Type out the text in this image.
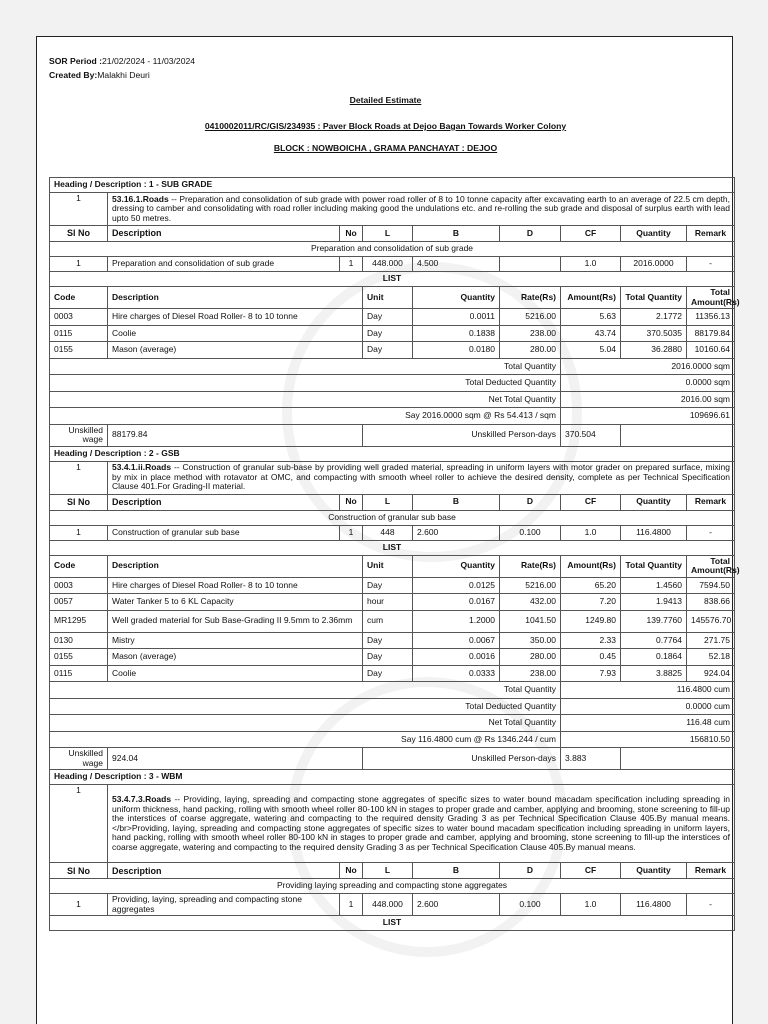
SOR Period :21/02/2024 - 11/03/2024
Created By:Malakhi Deuri
Detailed Estimate
0410002011/RC/GIS/234935 : Paver Block Roads at Dejoo Bagan Towards Worker Colony
BLOCK : NOWBOICHA , GRAMA PANCHAYAT : DEJOO
Heading / Description : 1 - SUB GRADE								
1	53.16.1.Roads -- Preparation and consolidation of sub grade with power road roller of 8 to 10 tonne capacity after excavating earth to an average of 22.5 cm depth, dressing to camber and consolidating with road roller including making good the undulations etc. and re-rolling the sub grade and disposal of surplus earth with lead upto 50 metres.							
Sl No	Description	No	L	B	D	CF	Quantity	Remark
Preparation and consolidation of sub grade								
1	Preparation and consolidation of sub grade	1	448.000	4.500		1.0	2016.0000	-
LIST								
Code	Description		Unit	Quantity	Rate(Rs)	Amount(Rs)	Total Quantity	Total Amount(Rs)
0003	Hire charges of Diesel Road Roller- 8 to 10 tonne		Day	0.0011	5216.00	5.63	2.1772	11356.13
0115	Coolie		Day	0.1838	238.00	43.74	370.5035	88179.84
0155	Mason (average)		Day	0.0180	280.00	5.04	36.2880	10160.64
Total Quantity						2016.0000 sqm		
Total Deducted Quantity						0.0000 sqm		
Net Total Quantity						2016.00 sqm		
Say 2016.0000 sqm @ Rs 54.413 / sqm						109696.61		
Unskilled wage	88179.84		Unskilled Person-days			370.504		
Heading / Description : 2 - GSB								
1	53.4.1.ii.Roads -- Construction of granular sub-base by providing well graded material, spreading in uniform layers with motor grader on prepared surface, mixing by mix in place method with rotavator at OMC, and compacting with smooth wheel roller to achieve the desired density, complete as per Technical Specification Clause 401.For Grading-II material.							
Sl No	Description	No	L	B	D	CF	Quantity	Remark
Construction of granular sub base								
1	Construction of granular sub base	1	448	2.600	0.100	1.0	116.4800	-
LIST								
Code	Description		Unit	Quantity	Rate(Rs)	Amount(Rs)	Total Quantity	Total Amount(Rs)
0003	Hire charges of Diesel Road Roller- 8 to 10 tonne		Day	0.0125	5216.00	65.20	1.4560	7594.50
0057	Water Tanker 5 to 6 KL Capacity		hour	0.0167	432.00	7.20	1.9413	838.66
MR1295	Well graded material for Sub Base-Grading II 9.5mm to 2.36mm		cum	1.2000	1041.50	1249.80	139.7760	145576.70
0130	Mistry		Day	0.0067	350.00	2.33	0.7764	271.75
0155	Mason (average)		Day	0.0016	280.00	0.45	0.1864	52.18
0115	Coolie		Day	0.0333	238.00	7.93	3.8825	924.04
Total Quantity						116.4800 cum		
Total Deducted Quantity						0.0000 cum		
Net Total Quantity						116.48 cum		
Say 116.4800 cum @ Rs 1346.244 / cum						156810.50		
Unskilled wage	924.04		Unskilled Person-days			3.883		
Heading / Description : 3 - WBM								
1	53.4.7.3.Roads -- Providing, laying, spreading and compacting stone aggregates of specific sizes to water bound macadam specification including spreading in uniform thickness, hand packing, rolling with smooth wheel roller 80-100 kN in stages to proper grade and camber, applying and brooming, stone screening to fill-up the interstices of coarse aggregate, watering and compacting to the required density Grading 3 as per Technical Specification Clause 405.By manual means.</br>Providing, laying, spreading and compacting stone aggregates of specific sizes to water bound macadam specification including spreading in uniform layers, hand packing, rolling with smooth wheel roller 80-100 kN in stages to proper grade and camber, applying and brooming, stone screening to fill-up the interstices of coarse aggregate, watering and compacting to the required density Grading 3 as per Technical Specification Clause 405.By manual means.							
Sl No	Description	No	L	B	D	CF	Quantity	Remark
Providing laying spreading and compacting stone aggregates								
1	Providing, laying, spreading and compacting stone aggregates	1	448.000	2.600	0.100	1.0	116.4800	-
LIST								
